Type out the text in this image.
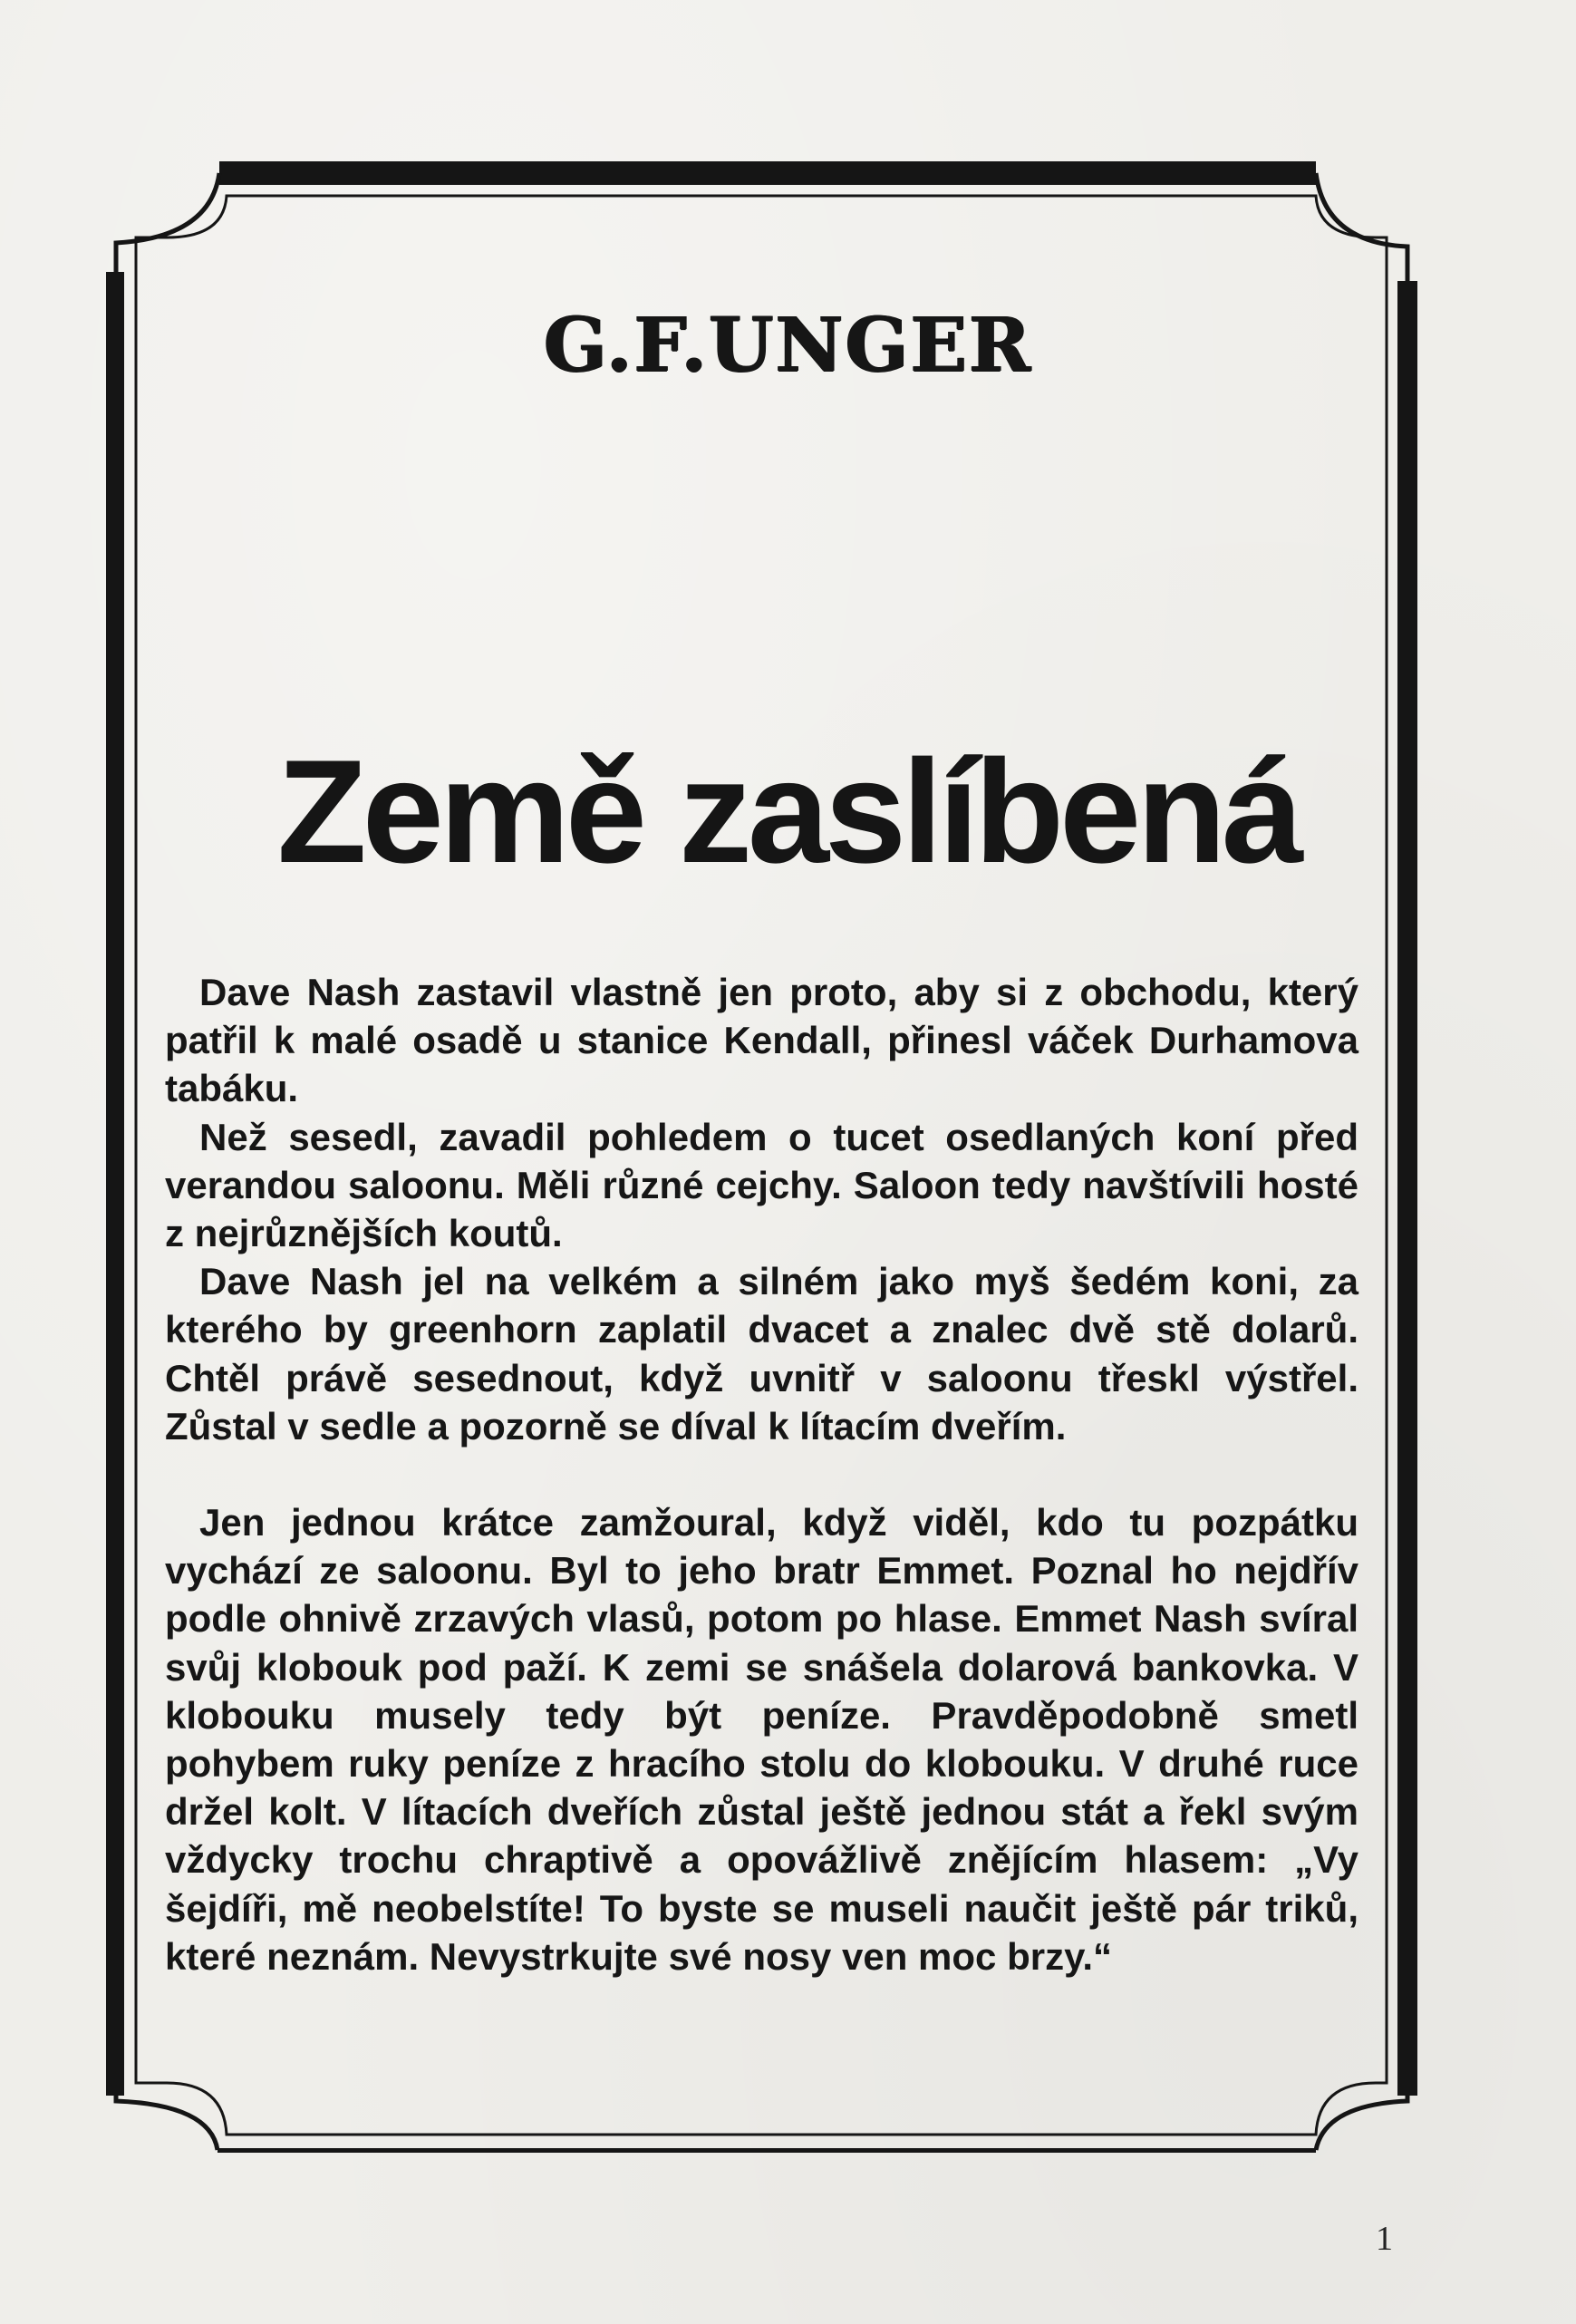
G.F.UNGER
Země zaslíbená

Dave Nash zastavil vlastně jen proto, aby si z obchodu, který patřil k malé osadě u stanice Kendall, přinesl váček Durhamova tabáku.

Než sesedl, zavadil pohledem o tucet osedlaných koní před verandou saloonu. Měli různé cejchy. Saloon tedy navštívili hosté z nejrůznějších koutů.

Dave Nash jel na velkém a silném jako myš šedém koni, za kterého by greenhorn zaplatil dvacet a znalec dvě stě dolarů. Chtěl právě sesednout, když uvnitř v saloonu třeskl výstřel. Zůstal v sedle a pozorně se díval k lítacím dveřím.

Jen jednou krátce zamžoural, když viděl, kdo tu pozpátku vychází ze saloonu. Byl to jeho bratr Emmet. Poznal ho nejdřív podle ohnivě zrzavých vlasů, potom po hlase. Emmet Nash svíral svůj klobouk pod paží. K zemi se snášela dolarová bankovka. V klobouku musely tedy být peníze. Pravděpodobně smetl pohybem ruky peníze z hracího stolu do klobouku. V druhé ruce držel kolt. V lítacích dveřích zůstal ještě jednou stát a řekl svým vždycky trochu chraptivě a opovážlivě znějícím hlasem: „Vy šejdíři, mě neobelstíte! To byste se museli naučit ještě pár triků, které neznám. Nevystrkujte své nosy ven moc brzy.“

1
